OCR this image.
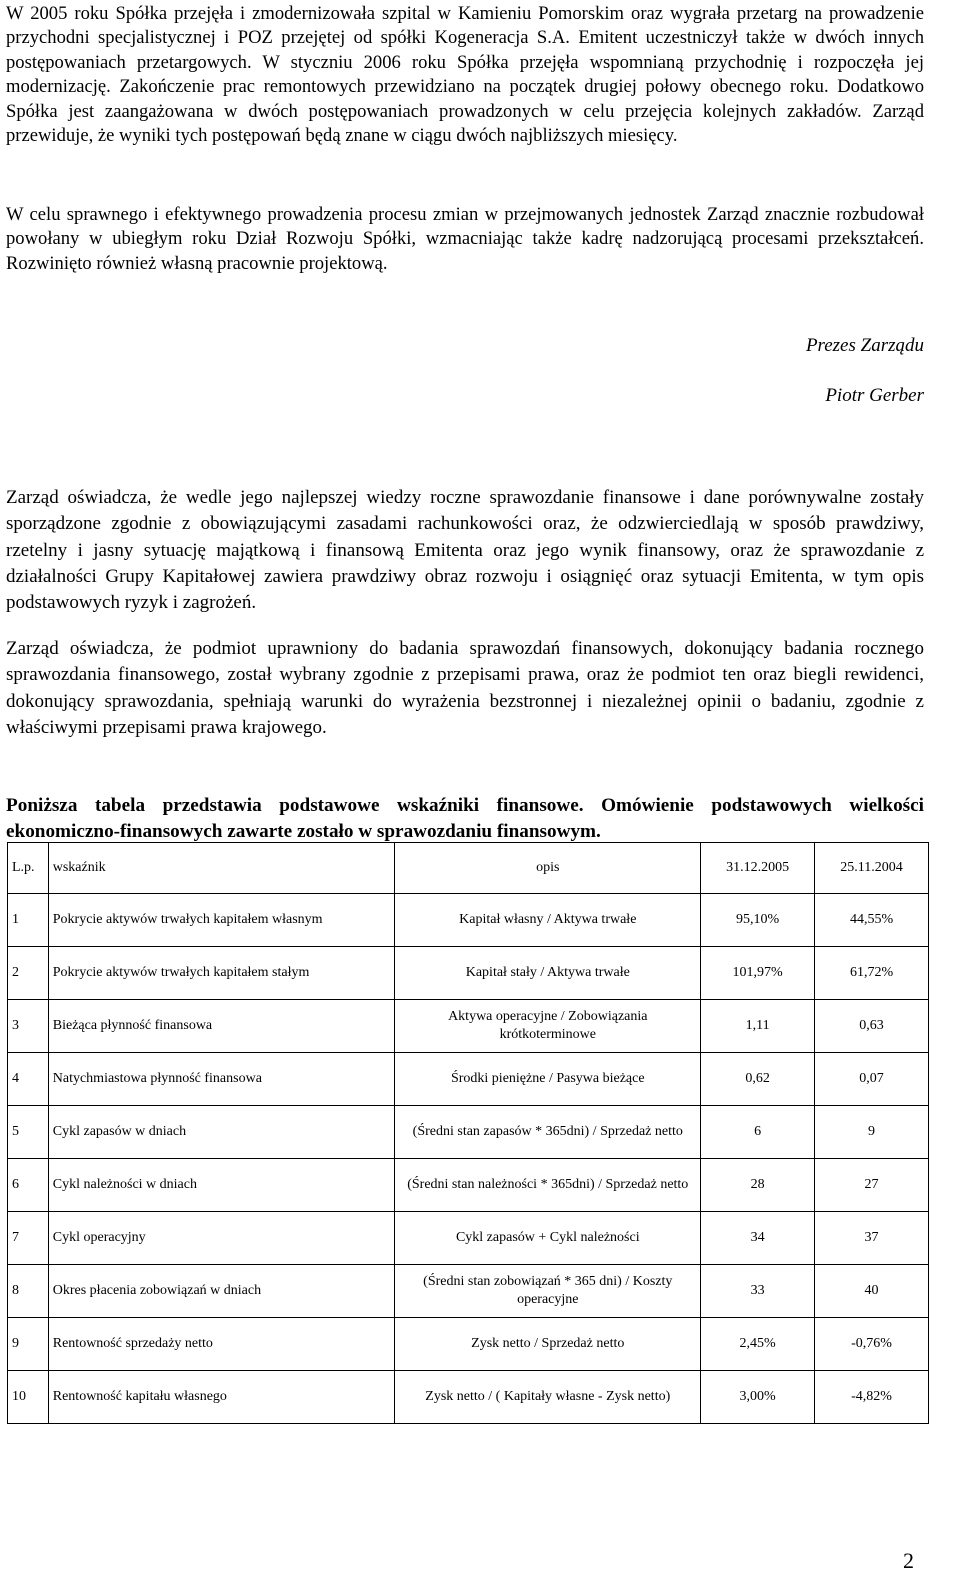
W 2005 roku Spółka przejęła i zmodernizowała szpital w Kamieniu Pomorskim oraz wygrała przetarg na prowadzenie przychodni specjalistycznej i POZ przejętej od spółki Kogeneracja S.A. Emitent uczestniczył także w dwóch innych postępowaniach przetargowych. W styczniu 2006 roku Spółka przejęła wspomnianą przychodnię i rozpoczęła jej modernizację. Zakończenie prac remontowych przewidziano na początek drugiej połowy obecnego roku. Dodatkowo Spółka jest zaangażowana w dwóch postępowaniach prowadzonych w celu przejęcia kolejnych zakładów. Zarząd przewiduje, że wyniki tych postępowań będą znane w ciągu dwóch najbliższych miesięcy.

W celu sprawnego i efektywnego prowadzenia procesu zmian w przejmowanych jednostek Zarząd znacznie rozbudował powołany w ubiegłym roku Dział Rozwoju Spółki, wzmacniając także kadrę nadzorującą procesami przekształceń. Rozwinięto również własną pracownie projektową.

Prezes Zarządu
Piotr Gerber

Zarząd oświadcza, że wedle jego najlepszej wiedzy roczne sprawozdanie finansowe i dane porównywalne zostały sporządzone zgodnie z obowiązującymi zasadami rachunkowości oraz, że odzwierciedlają w sposób prawdziwy, rzetelny i jasny sytuację majątkową i finansową Emitenta oraz jego wynik finansowy, oraz że sprawozdanie z działalności Grupy Kapitałowej zawiera prawdziwy obraz rozwoju i osiągnięć oraz sytuacji Emitenta, w tym opis podstawowych ryzyk i zagrożeń.

Zarząd oświadcza, że podmiot uprawniony do badania sprawozdań finansowych, dokonujący badania rocznego sprawozdania finansowego, został wybrany zgodnie z przepisami prawa, oraz że podmiot ten oraz biegli rewidenci, dokonujący sprawozdania, spełniają warunki do wyrażenia bezstronnej i niezależnej opinii o badaniu, zgodnie z właściwymi przepisami prawa krajowego.

Poniższa tabela przedstawia podstawowe wskaźniki finansowe. Omówienie podstawowych wielkości ekonomiczno-finansowych zawarte zostało w sprawozdaniu finansowym.

L.p.	wskaźnik	opis	31.12.2005	25.11.2004
1	Pokrycie aktywów trwałych kapitałem własnym	Kapitał własny / Aktywa trwałe	95,10%	44,55%
2	Pokrycie aktywów trwałych kapitałem stałym	Kapitał stały / Aktywa trwałe	101,97%	61,72%
3	Bieżąca płynność finansowa	Aktywa operacyjne / Zobowiązania krótkoterminowe	1,11	0,63
4	Natychmiastowa płynność finansowa	Środki pieniężne / Pasywa bieżące	0,62	0,07
5	Cykl zapasów w dniach	(Średni stan zapasów * 365dni) / Sprzedaż netto	6	9
6	Cykl należności w dniach	(Średni stan należności * 365dni) / Sprzedaż netto	28	27
7	Cykl operacyjny	Cykl zapasów + Cykl należności	34	37
8	Okres płacenia zobowiązań w dniach	(Średni stan zobowiązań * 365 dni) / Koszty operacyjne	33	40
9	Rentowność sprzedaży netto	Zysk netto / Sprzedaż netto	2,45%	-0,76%
10	Rentowność kapitału własnego	Zysk netto / ( Kapitały własne - Zysk netto)	3,00%	-4,82%
2
